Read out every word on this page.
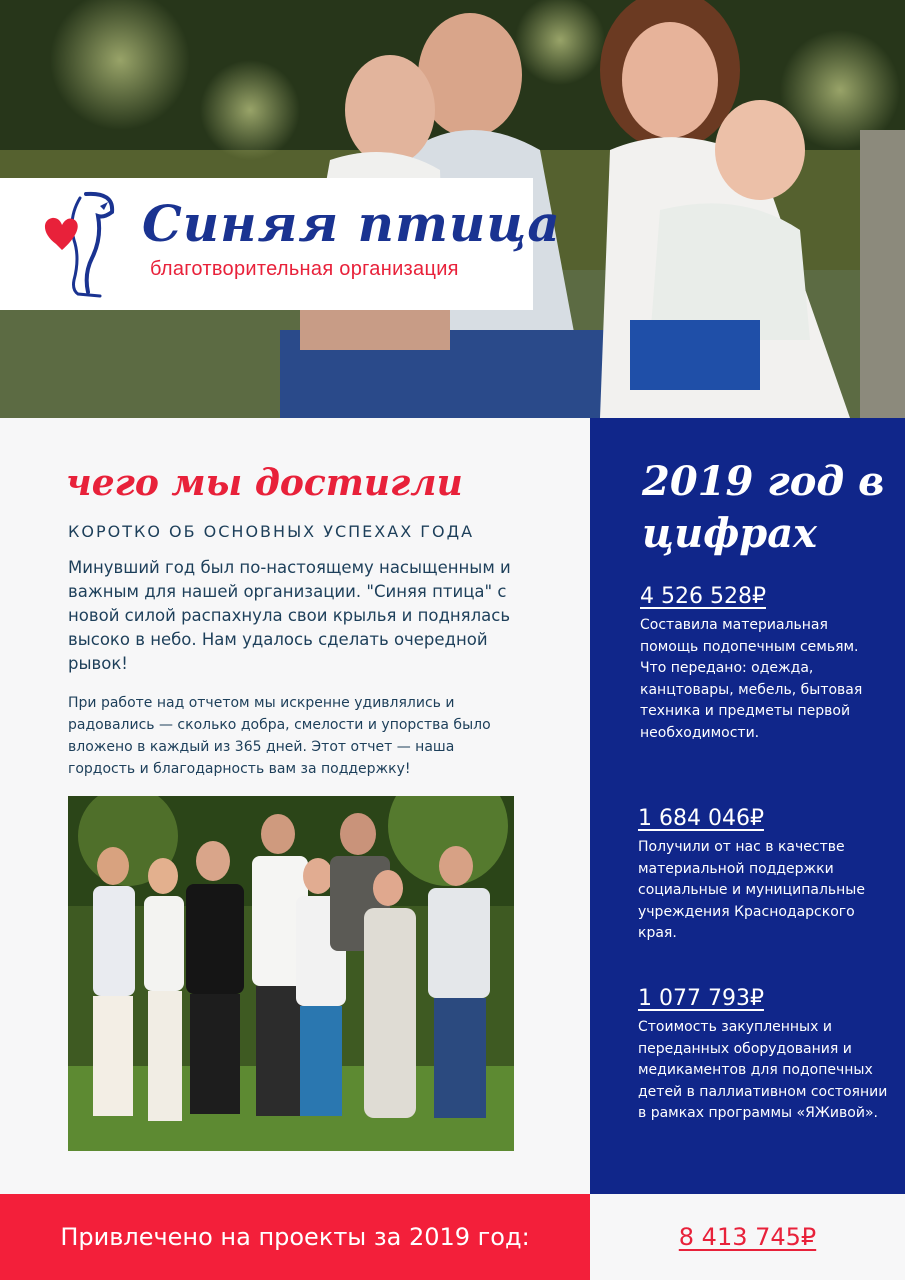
Синяя птица
благотворительная организация
чего мы достигли
КОРОТКО ОБ ОСНОВНЫХ УСПЕХАХ ГОДА

Минувший год был по-настоящему насыщенным и важным для нашей организации. "Синяя птица" с новой силой распахнула свои крылья и поднялась высоко в небо. Нам удалось сделать очередной рывок!

При работе над отчетом мы искренне удивлялись и радовались — сколько добра, смелости и упорства было вложено в каждый из 365 дней. Этот отчет — наша гордость и благодарность вам за поддержку!

2019 год в цифрах
4 526 528₽
Составила материальная помощь подопечным семьям. Что передано: одежда, канцтовары, мебель, бытовая техника и предметы первой необходимости.
1 684 046₽
Получили от нас в качестве материальной поддержки социальные и муниципальные учреждения Краснодарского края.
1 077 793₽
Стоимость закупленных и переданных оборудования и медикаментов для подопечных детей в паллиативном состоянии в рамках программы «ЯЖивой».
Привлечено на проекты за 2019 год:	8 413 745₽
